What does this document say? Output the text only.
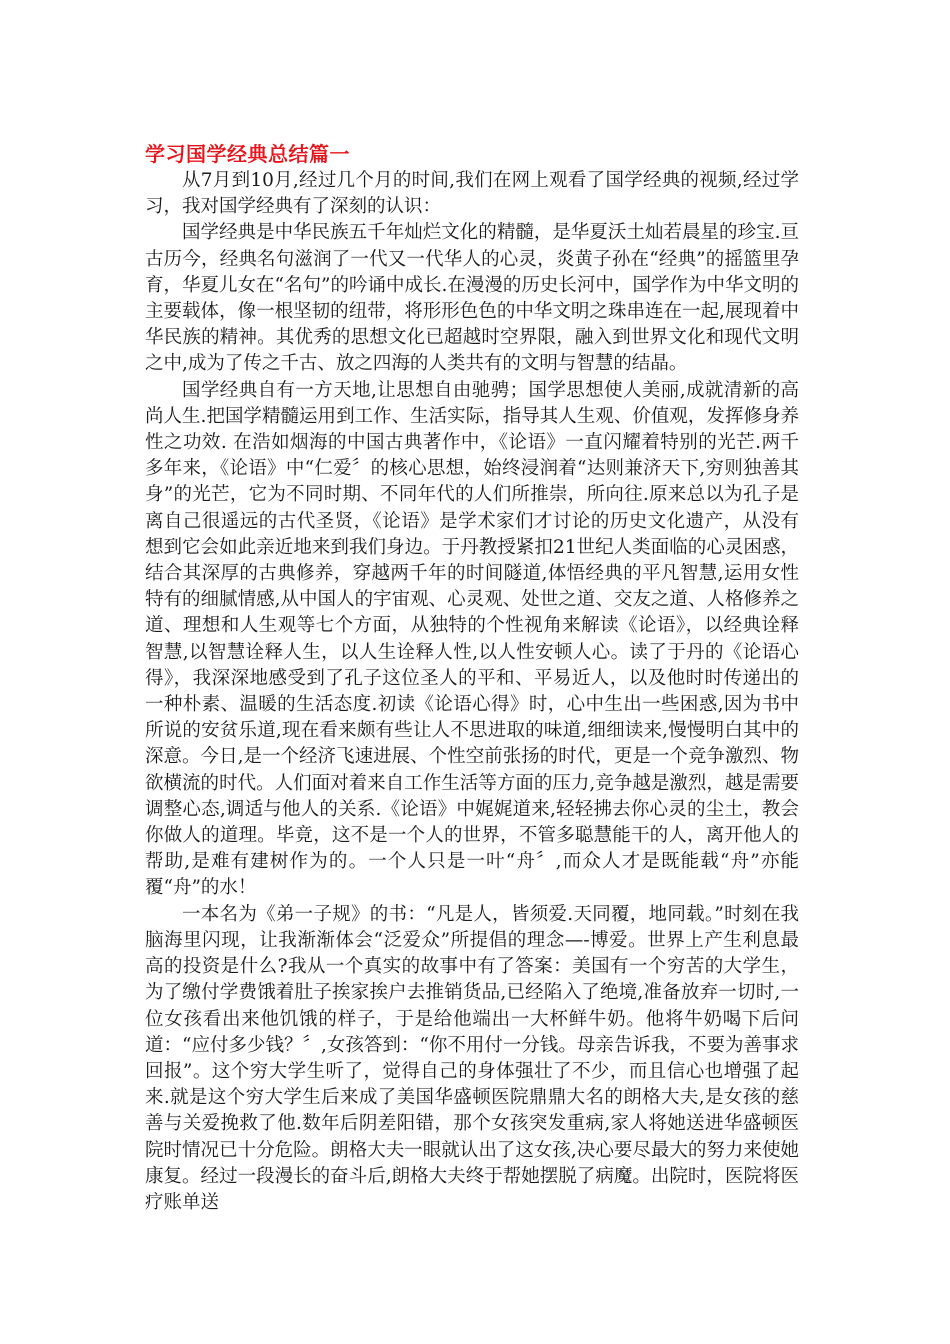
学习国学经典总结篇一

从7月到10月,经过几个月的时间,我们在网上观看了国学经典的视频,经过学习，我对国学经典有了深刻的认识：

国学经典是中华民族五千年灿烂文化的精髓，是华夏沃土灿若晨星的珍宝.亘古历今，经典名句滋润了一代又一代华人的心灵，炎黄子孙在“经典”的摇篮里孕育，华夏儿女在“名句”的吟诵中成长.在漫漫的历史长河中，国学作为中华文明的主要载体，像一根坚韧的纽带，将形形色色的中华文明之珠串连在一起,展现着中华民族的精神。其优秀的思想文化已超越时空界限，融入到世界文化和现代文明之中,成为了传之千古、放之四海的人类共有的文明与智慧的结晶。

国学经典自有一方天地,让思想自由驰骋；国学思想使人美丽,成就清新的高尚人生.把国学精髓运用到工作、生活实际，指导其人生观、价值观，发挥修身养性之功效. 在浩如烟海的中国古典著作中，《论语》一直闪耀着特别的光芒.两千多年来，《论语》中“仁爱〞的核心思想，始终浸润着“达则兼济天下,穷则独善其身”的光芒，它为不同时期、不同年代的人们所推崇，所向往.原来总以为孔子是离自己很遥远的古代圣贤，《论语》是学术家们才讨论的历史文化遗产，从没有想到它会如此亲近地来到我们身边。于丹教授紧扣21世纪人类面临的心灵困惑，结合其深厚的古典修养，穿越两千年的时间隧道,体悟经典的平凡智慧,运用女性特有的细腻情感,从中国人的宇宙观、心灵观、处世之道、交友之道、人格修养之道、理想和人生观等七个方面，从独特的个性视角来解读《论语》，以经典诠释智慧,以智慧诠释人生，以人生诠释人性,以人性安顿人心。读了于丹的《论语心得》，我深深地感受到了孔子这位圣人的平和、平易近人，以及他时时传递出的一种朴素、温暖的生活态度.初读《论语心得》时，心中生出一些困惑,因为书中所说的安贫乐道,现在看来颇有些让人不思进取的味道,细细读来,慢慢明白其中的深意。今日,是一个经济飞速进展、个性空前张扬的时代，更是一个竞争激烈、物欲横流的时代。人们面对着来自工作生活等方面的压力,竞争越是激烈，越是需要调整心态,调适与他人的关系.《论语》中娓娓道来,轻轻拂去你心灵的尘土，教会你做人的道理。毕竟，这不是一个人的世界，不管多聪慧能干的人，离开他人的帮助,是难有建树作为的。一个人只是一叶“舟〞,而众人才是既能载“舟”亦能覆“舟”的水！

一本名为《弟一子规》的书：“凡是人，皆须爱.天同覆，地同载。”时刻在我脑海里闪现，让我渐渐体会“泛爱众”所提倡的理念—-博爱。世界上产生利息最高的投资是什么?我从一个真实的故事中有了答案：美国有一个穷苦的大学生，为了缴付学费饿着肚子挨家挨户去推销货品,已经陷入了绝境,准备放弃一切时,一位女孩看出来他饥饿的样子，于是给他端出一大杯鲜牛奶。他将牛奶喝下后问道：“应付多少钱？〞,女孩答到：“你不用付一分钱。母亲告诉我，不要为善事求回报”。这个穷大学生听了，觉得自己的身体强壮了不少，而且信心也增强了起来.就是这个穷大学生后来成了美国华盛顿医院鼎鼎大名的朗格大夫,是女孩的慈善与关爱挽救了他.数年后阴差阳错，那个女孩突发重病,家人将她送进华盛顿医院时情况已十分危险。朗格大夫一眼就认出了这女孩,决心要尽最大的努力来使她康复。经过一段漫长的奋斗后,朗格大夫终于帮她摆脱了病魔。出院时，医院将医疗账单送
